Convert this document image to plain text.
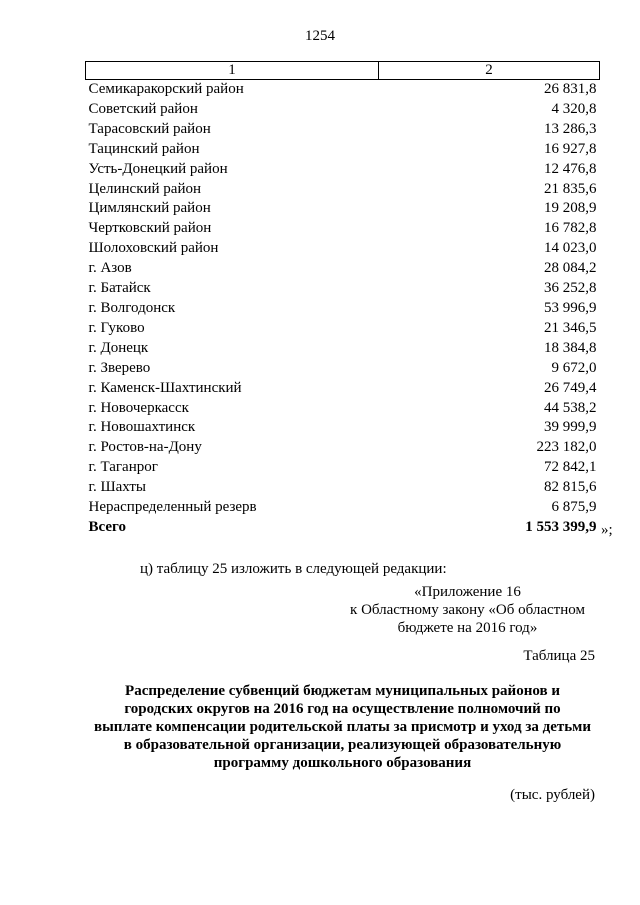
1254
1	2
Семикаракорский район	26 831,8
Советский район	4 320,8
Тарасовский район	13 286,3
Тацинский район	16 927,8
Усть-Донецкий район	12 476,8
Целинский район	21 835,6
Цимлянский район	19 208,9
Чертковский район	16 782,8
Шолоховский район	14 023,0
г. Азов	28 084,2
г. Батайск	36 252,8
г. Волгодонск	53 996,9
г. Гуково	21 346,5
г. Донецк	18 384,8
г. Зверево	9 672,0
г. Каменск-Шахтинский	26 749,4
г. Новочеркасск	44 538,2
г. Новошахтинск	39 999,9
г. Ростов-на-Дону	223 182,0
г. Таганрог	72 842,1
г. Шахты	82 815,6
Нераспределенный резерв	6 875,9
Всего	1 553 399,9 »;
ц) таблицу 25 изложить в следующей редакции:
«Приложение 16
к Областному закону «Об областном
бюджете на 2016 год»
Таблица 25
Распределение субвенций бюджетам муниципальных районов и
городских округов на 2016 год на осуществление полномочий по
выплате компенсации родительской платы за присмотр и уход за детьми
в образовательной организации, реализующей образовательную
программу дошкольного образования
(тыс. рублей)
